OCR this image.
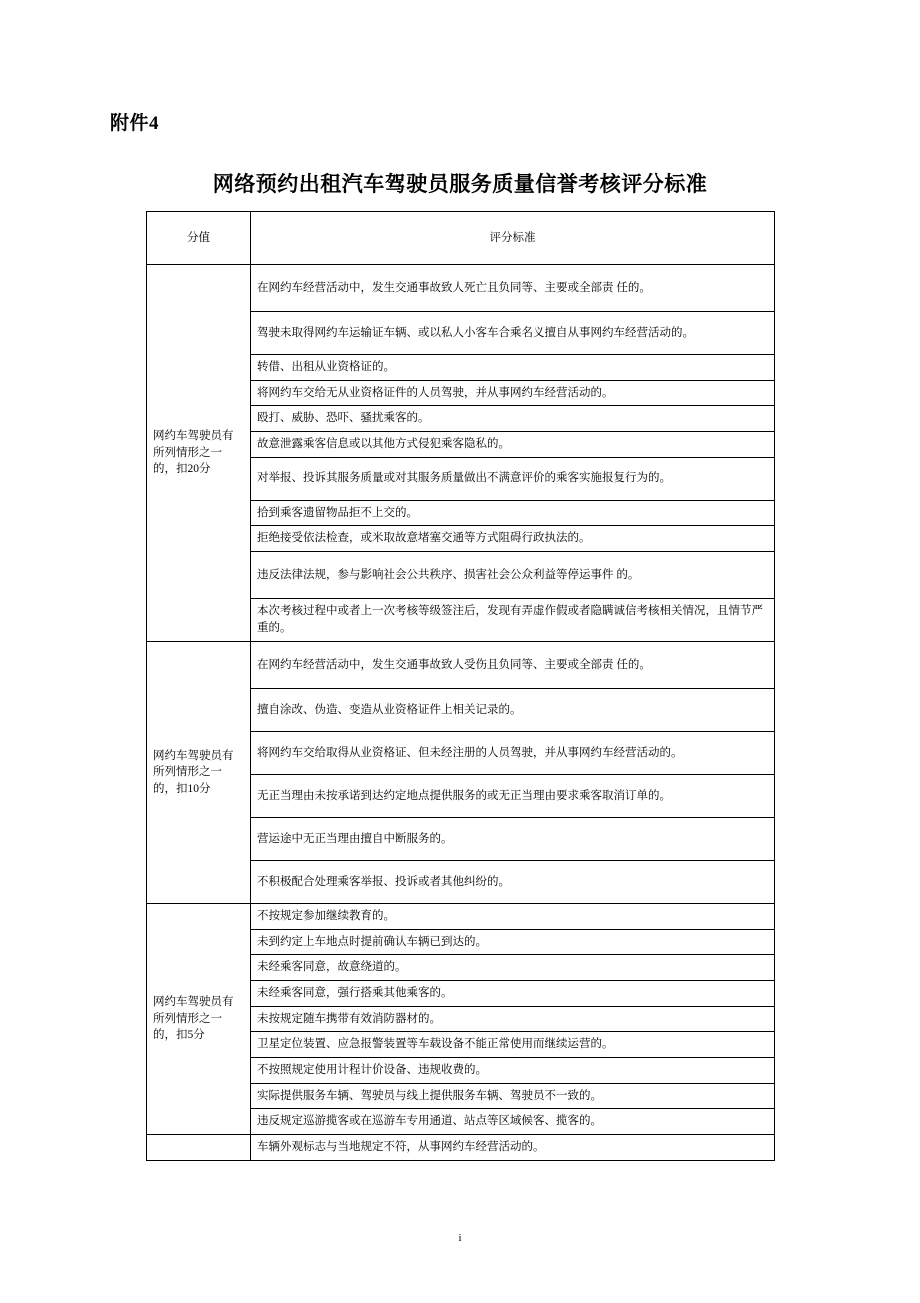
附件4
网络预约出租汽车驾驶员服务质量信誉考核评分标准
分值	评分标准
网约车驾驶员有所列情形之一的，扣20分	在网约车经营活动中，发生交通事故致人死亡且负同等、主要或全部责 任的。
	驾驶未取得网约车运输证车辆、或以私人小客车合乘名义擅自从事网约车经营活动的。
	转借、出租从业资格证的。
	将网约车交给无从业资格证件的人员驾驶，并从事网约车经营活动的。
	殴打、威胁、恐吓、骚扰乘客的。
	故意泄露乘客信息或以其他方式侵犯乘客隐私的。
	对举报、投诉其服务质量或对其服务质量做出不满意评价的乘客实施报复行为的。
	拾到乘客遗留物品拒不上交的。
	拒绝接受依法检查，或米取故意堵塞交通等方式阻碍行政执法的。
	违反法律法规，参与影响社会公共秩序、损害社会公众利益等停运事件 的。
	本次考核过程中或者上一次考核等级签注后，发现有弄虚作假或者隐瞒诚信考核相关情况，且情节严重的。
网约车驾驶员有所列情形之一的，扣10分	在网约车经营活动中，发生交通事故致人受伤且负同等、主要或全部责 任的。
	擅自涂改、伪造、变造从业资格证件上相关记录的。
	将网约车交给取得从业资格证、但未经注册的人员驾驶，并从事网约车经营活动的。
	无正当理由未按承诺到达约定地点提供服务的或无正当理由要求乘客取消订单的。
	营运途中无正当理由擅自中断服务的。
	不积极配合处理乘客举报、投诉或者其他纠纷的。
网约车驾驶员有所列情形之一的，扣5分	不按规定参加继续教育的。
	未到约定上车地点时提前确认车辆已到达的。
	未经乘客同意，故意绕道的。
	未经乘客同意，强行搭乘其他乘客的。
	未按规定随车携带有效消防器材的。
	卫星定位装置、应急报警装置等车载设备不能正常使用而继续运营的。
	不按照规定使用计程计价设备、违规收费的。
	实际提供服务车辆、驾驶员与线上提供服务车辆、驾驶员不一致的。
	违反规定巡游揽客或在巡游车专用通道、站点等区域候客、揽客的。
	车辆外观标志与当地规定不符，从事网约车经营活动的。
i
